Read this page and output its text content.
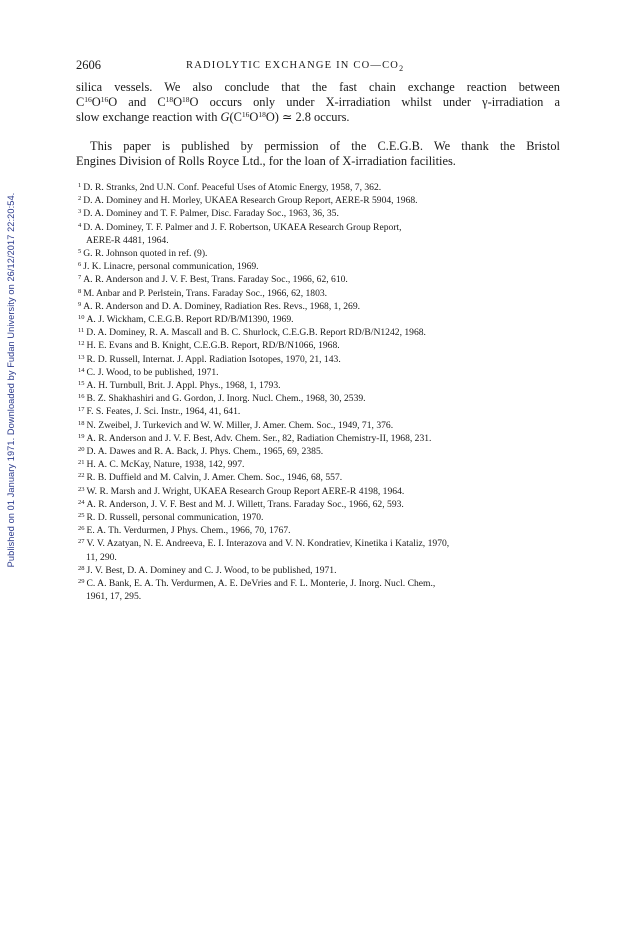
Published on 01 January 1971. Downloaded by Fudan University on 26/12/2017 22:20:54.
2606	RADIOLYTIC EXCHANGE IN $CO—CO_2$
silica vessels. We also conclude that the fast chain exchange reaction between
$C^{16}O^{16}O$ and $C^{18}O^{18}O$ occurs only under X-irradiation whilst under γ-irradiation a
slow exchange reaction with $G(C^{16}O^{18}O)$ ≃ 2.8 occurs.
This paper is published by permission of the C.E.G.B. We thank the Bristol
Engines Division of Rolls Royce Ltd., for the loan of X-irradiation facilities.
$^1$ D. R. Stranks, 2nd U.N. Conf. Peaceful Uses of Atomic Energy, 1958, 7, 362.
$^2$ D. A. Dominey and H. Morley, UKAEA Research Group Report, AERE-R 5904, 1968.
$^3$ D. A. Dominey and T. F. Palmer, Disc. Faraday Soc., 1963, 36, 35.
$^4$ D. A. Dominey, T. F. Palmer and J. F. Robertson, UKAEA Research Group Report,
AERE-R 4481, 1964.
$^5$ G. R. Johnson quoted in ref. (9).
$^6$ J. K. Linacre, personal communication, 1969.
$^7$ A. R. Anderson and J. V. F. Best, Trans. Faraday Soc., 1966, 62, 610.
$^8$ M. Anbar and P. Perlstein, Trans. Faraday Soc., 1966, 62, 1803.
$^9$ A. R. Anderson and D. A. Dominey, Radiation Res. Revs., 1968, 1, 269.
$^{10}$ A. J. Wickham, C.E.G.B. Report RD/B/M1390, 1969.
$^{11}$ D. A. Dominey, R. A. Mascall and B. C. Shurlock, C.E.G.B. Report RD/B/N1242, 1968.
$^{12}$ H. E. Evans and B. Knight, C.E.G.B. Report, RD/B/N1066, 1968.
$^{13}$ R. D. Russell, Internat. J. Appl. Radiation Isotopes, 1970, 21, 143.
$^{14}$ C. J. Wood, to be published, 1971.
$^{15}$ A. H. Turnbull, Brit. J. Appl. Phys., 1968, 1, 1793.
$^{16}$ B. Z. Shakhashiri and G. Gordon, J. Inorg. Nucl. Chem., 1968, 30, 2539.
$^{17}$ F. S. Feates, J. Sci. Instr., 1964, 41, 641.
$^{18}$ N. Zweibel, J. Turkevich and W. W. Miller, J. Amer. Chem. Soc., 1949, 71, 376.
$^{19}$ A. R. Anderson and J. V. F. Best, Adv. Chem. Ser., 82, Radiation Chemistry-II, 1968, 231.
$^{20}$ D. A. Dawes and R. A. Back, J. Phys. Chem., 1965, 69, 2385.
$^{21}$ H. A. C. McKay, Nature, 1938, 142, 997.
$^{22}$ R. B. Duffield and M. Calvin, J. Amer. Chem. Soc., 1946, 68, 557.
$^{23}$ W. R. Marsh and J. Wright, UKAEA Research Group Report AERE-R 4198, 1964.
$^{24}$ A. R. Anderson, J. V. F. Best and M. J. Willett, Trans. Faraday Soc., 1966, 62, 593.
$^{25}$ R. D. Russell, personal communication, 1970.
$^{26}$ E. A. Th. Verdurmen, J Phys. Chem., 1966, 70, 1767.
$^{27}$ V. V. Azatyan, N. E. Andreeva, E. I. Interazova and V. N. Kondratiev, Kinetika i Kataliz, 1970,
11, 290.
$^{28}$ J. V. Best, D. A. Dominey and C. J. Wood, to be published, 1971.
$^{29}$ C. A. Bank, E. A. Th. Verdurmen, A. E. DeVries and F. L. Monterie, J. Inorg. Nucl. Chem.,
1961, 17, 295.
